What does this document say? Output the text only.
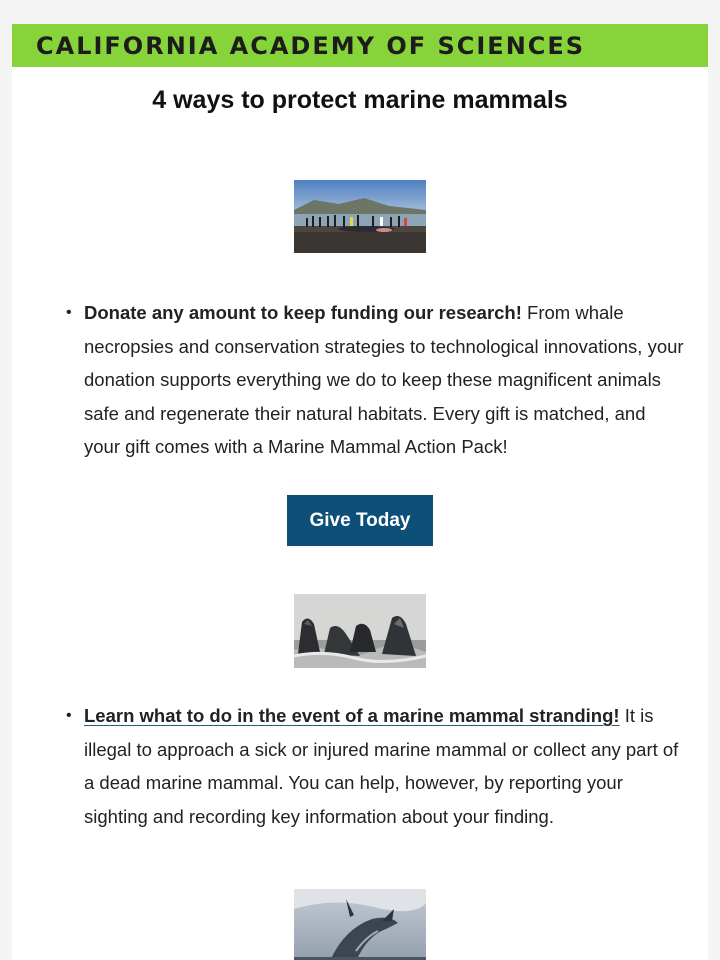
CALIFORNIA ACADEMY OF SCIENCES
4 ways to protect marine mammals
• Donate any amount to keep funding our research! From whale necropsies and conservation strategies to technological innovations, your donation supports everything we do to keep these magnificent animals safe and regenerate their natural habitats. Every gift is matched, and your gift comes with a Marine Mammal Action Pack!
Give Today
• Learn what to do in the event of a marine mammal stranding! It is illegal to approach a sick or injured marine mammal or collect any part of a dead marine mammal. You can help, however, by reporting your sighting and recording key information about your finding.
